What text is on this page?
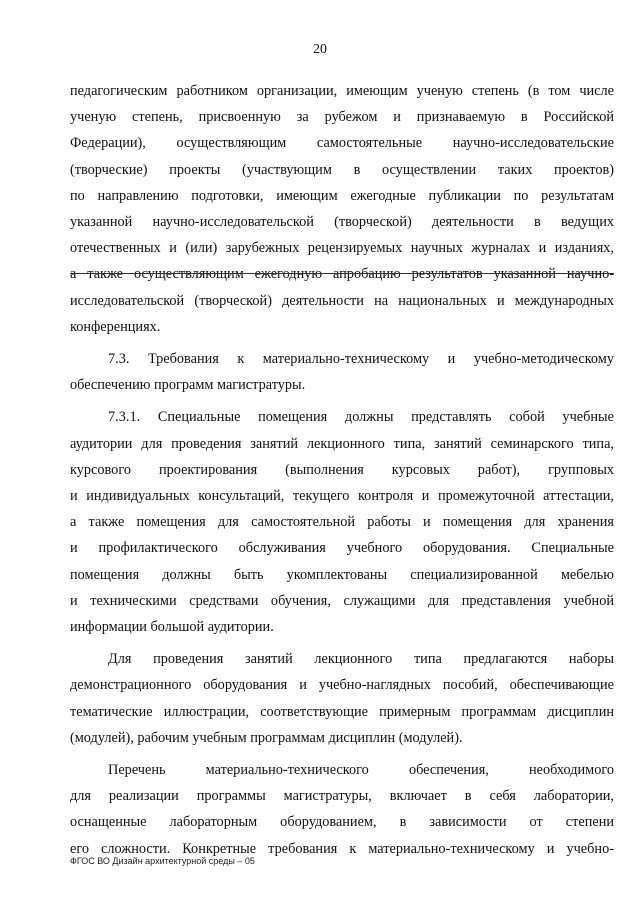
20

педагогическим работником организации, имеющим ученую степень (в том числе

ученую степень, присвоенную за рубежом и признаваемую в Российской

Федерации), осуществляющим самостоятельные научно-исследовательские

(творческие) проекты (участвующим в осуществлении таких проектов)

по направлению подготовки, имеющим ежегодные публикации по результатам

указанной научно-исследовательской (творческой) деятельности в ведущих

отечественных и (или) зарубежных рецензируемых научных журналах и изданиях,

а также осуществляющим ежегодную апробацию результатов указанной научно-

исследовательской (творческой) деятельности на национальных и международных

конференциях.

7.3. Требования к материально-техническому и учебно-методическому

обеспечению программ магистратуры.

7.3.1. Специальные помещения должны представлять собой учебные

аудитории для проведения занятий лекционного типа, занятий семинарского типа,

курсового проектирования (выполнения курсовых работ), групповых

и индивидуальных консультаций, текущего контроля и промежуточной аттестации,

а также помещения для самостоятельной работы и помещения для хранения

и профилактического обслуживания учебного оборудования. Специальные

помещения должны быть укомплектованы специализированной мебелью

и техническими средствами обучения, служащими для представления учебной

информации большой аудитории.

Для проведения занятий лекционного типа предлагаются наборы

демонстрационного оборудования и учебно-наглядных пособий, обеспечивающие

тематические иллюстрации, соответствующие примерным программам дисциплин

(модулей), рабочим учебным программам дисциплин (модулей).

Перечень материально-технического обеспечения, необходимого

для реализации программы магистратуры, включает в себя лаборатории,

оснащенные лабораторным оборудованием, в зависимости от степени

его сложности. Конкретные требования к материально-техническому и учебно-

ФГОС ВО Дизайн архитектурной среды – 05
